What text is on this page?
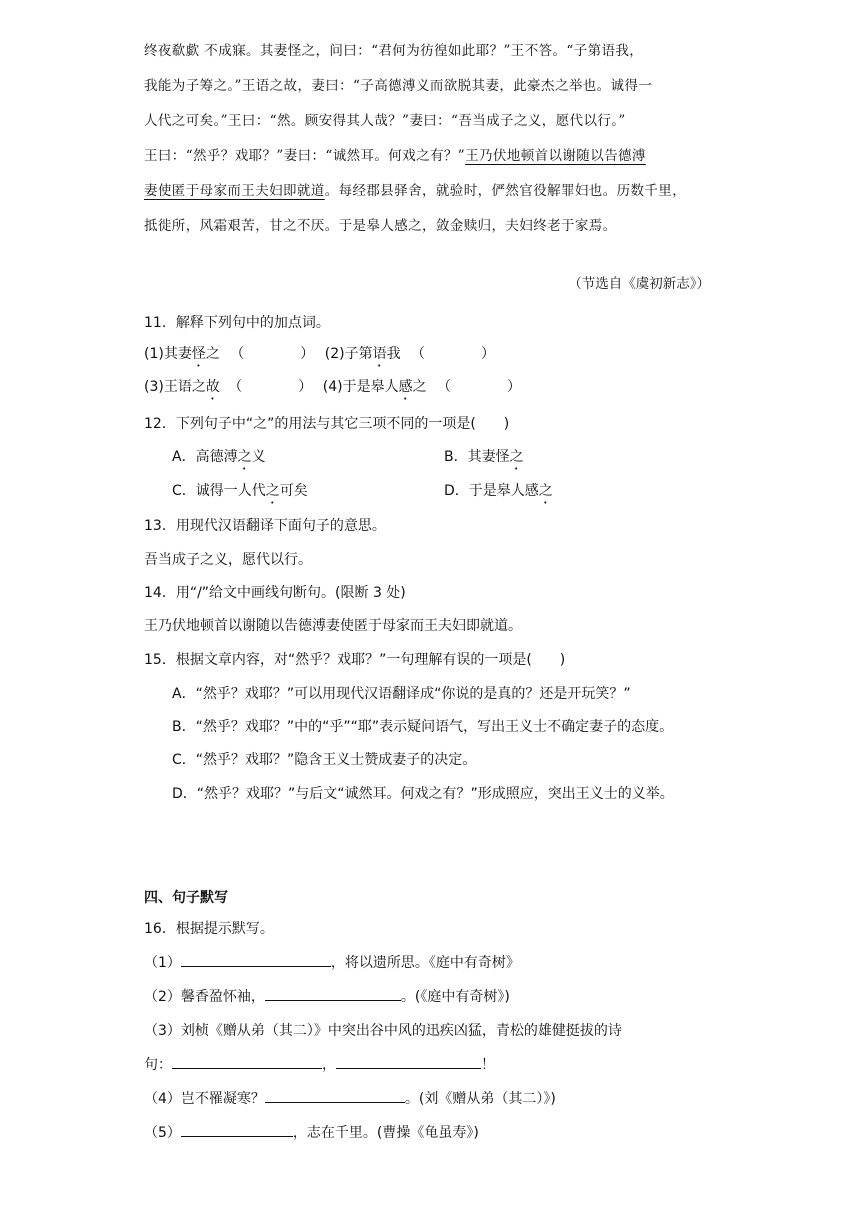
终夜欷歔 不成寐。其妻怪之，问曰：“君何为彷徨如此耶？”王不答。“子第语我，

我能为子筹之。”王语之故，妻曰：“子高德溥义而欲脱其妻，此豪杰之举也。诚得一

人代之可矣。”王曰：“然。顾安得其人哉？”妻曰：“吾当成子之义，愿代以行。”

王曰：“然乎？戏耶？”妻曰：“诚然耳。何戏之有？”王乃伏地顿首以谢随以告德溥

妻使匿于母家而王夫妇即就道。每经郡县驿舍，就验时，俨然官役解罪妇也。历数千里，

抵徙所，风霜艰苦，甘之不厌。于是皋人感之，敛金赎归，夫妇终老于家焉。

（节选自《虞初新志》）
11．解释下列句中的加点词。
(1)其妻怪之 （　　　　） (2)子第语我 （　　　　）
(3)王语之故 （　　　　） (4)于是皋人感之 （　　　　）
12．下列句子中“之”的用法与其它三项不同的一项是(　　)
A．高德溥之义	B．其妻怪之
C．诚得一人代之可矣	D．于是皋人感之
13．用现代汉语翻译下面句子的意思。
吾当成子之义，愿代以行。
14．用“/”给文中画线句断句。(限断 3 处)
王乃伏地顿首以谢随以告德溥妻使匿于母家而王夫妇即就道。
15．根据文章内容，对“然乎？戏耶？”一句理解有误的一项是(　　)
A．“然乎？戏耶？”可以用现代汉语翻译成“你说的是真的？还是开玩笑？”
B．“然乎？戏耶？”中的“乎”“耶”表示疑问语气，写出王义士不确定妻子的态度。
C．“然乎？戏耶？”隐含王义士赞成妻子的决定。
D．“然乎？戏耶？”与后文“诚然耳。何戏之有？”形成照应，突出王义士的义举。
四、句子默写
16．根据提示默写。
（1）	，将以遗所思。《庭中有奇树》
（2）馨香盈怀袖，	。(《庭中有奇树》)
（3）刘桢《赠从弟（其二）》中突出谷中风的迅疾凶猛，青松的雄健挺拔的诗
句：	，	！
（4）岂不罹凝寒？	。(刘《赠从弟（其二）》)
（5）	，志在千里。(曹操《龟虽寿》)
